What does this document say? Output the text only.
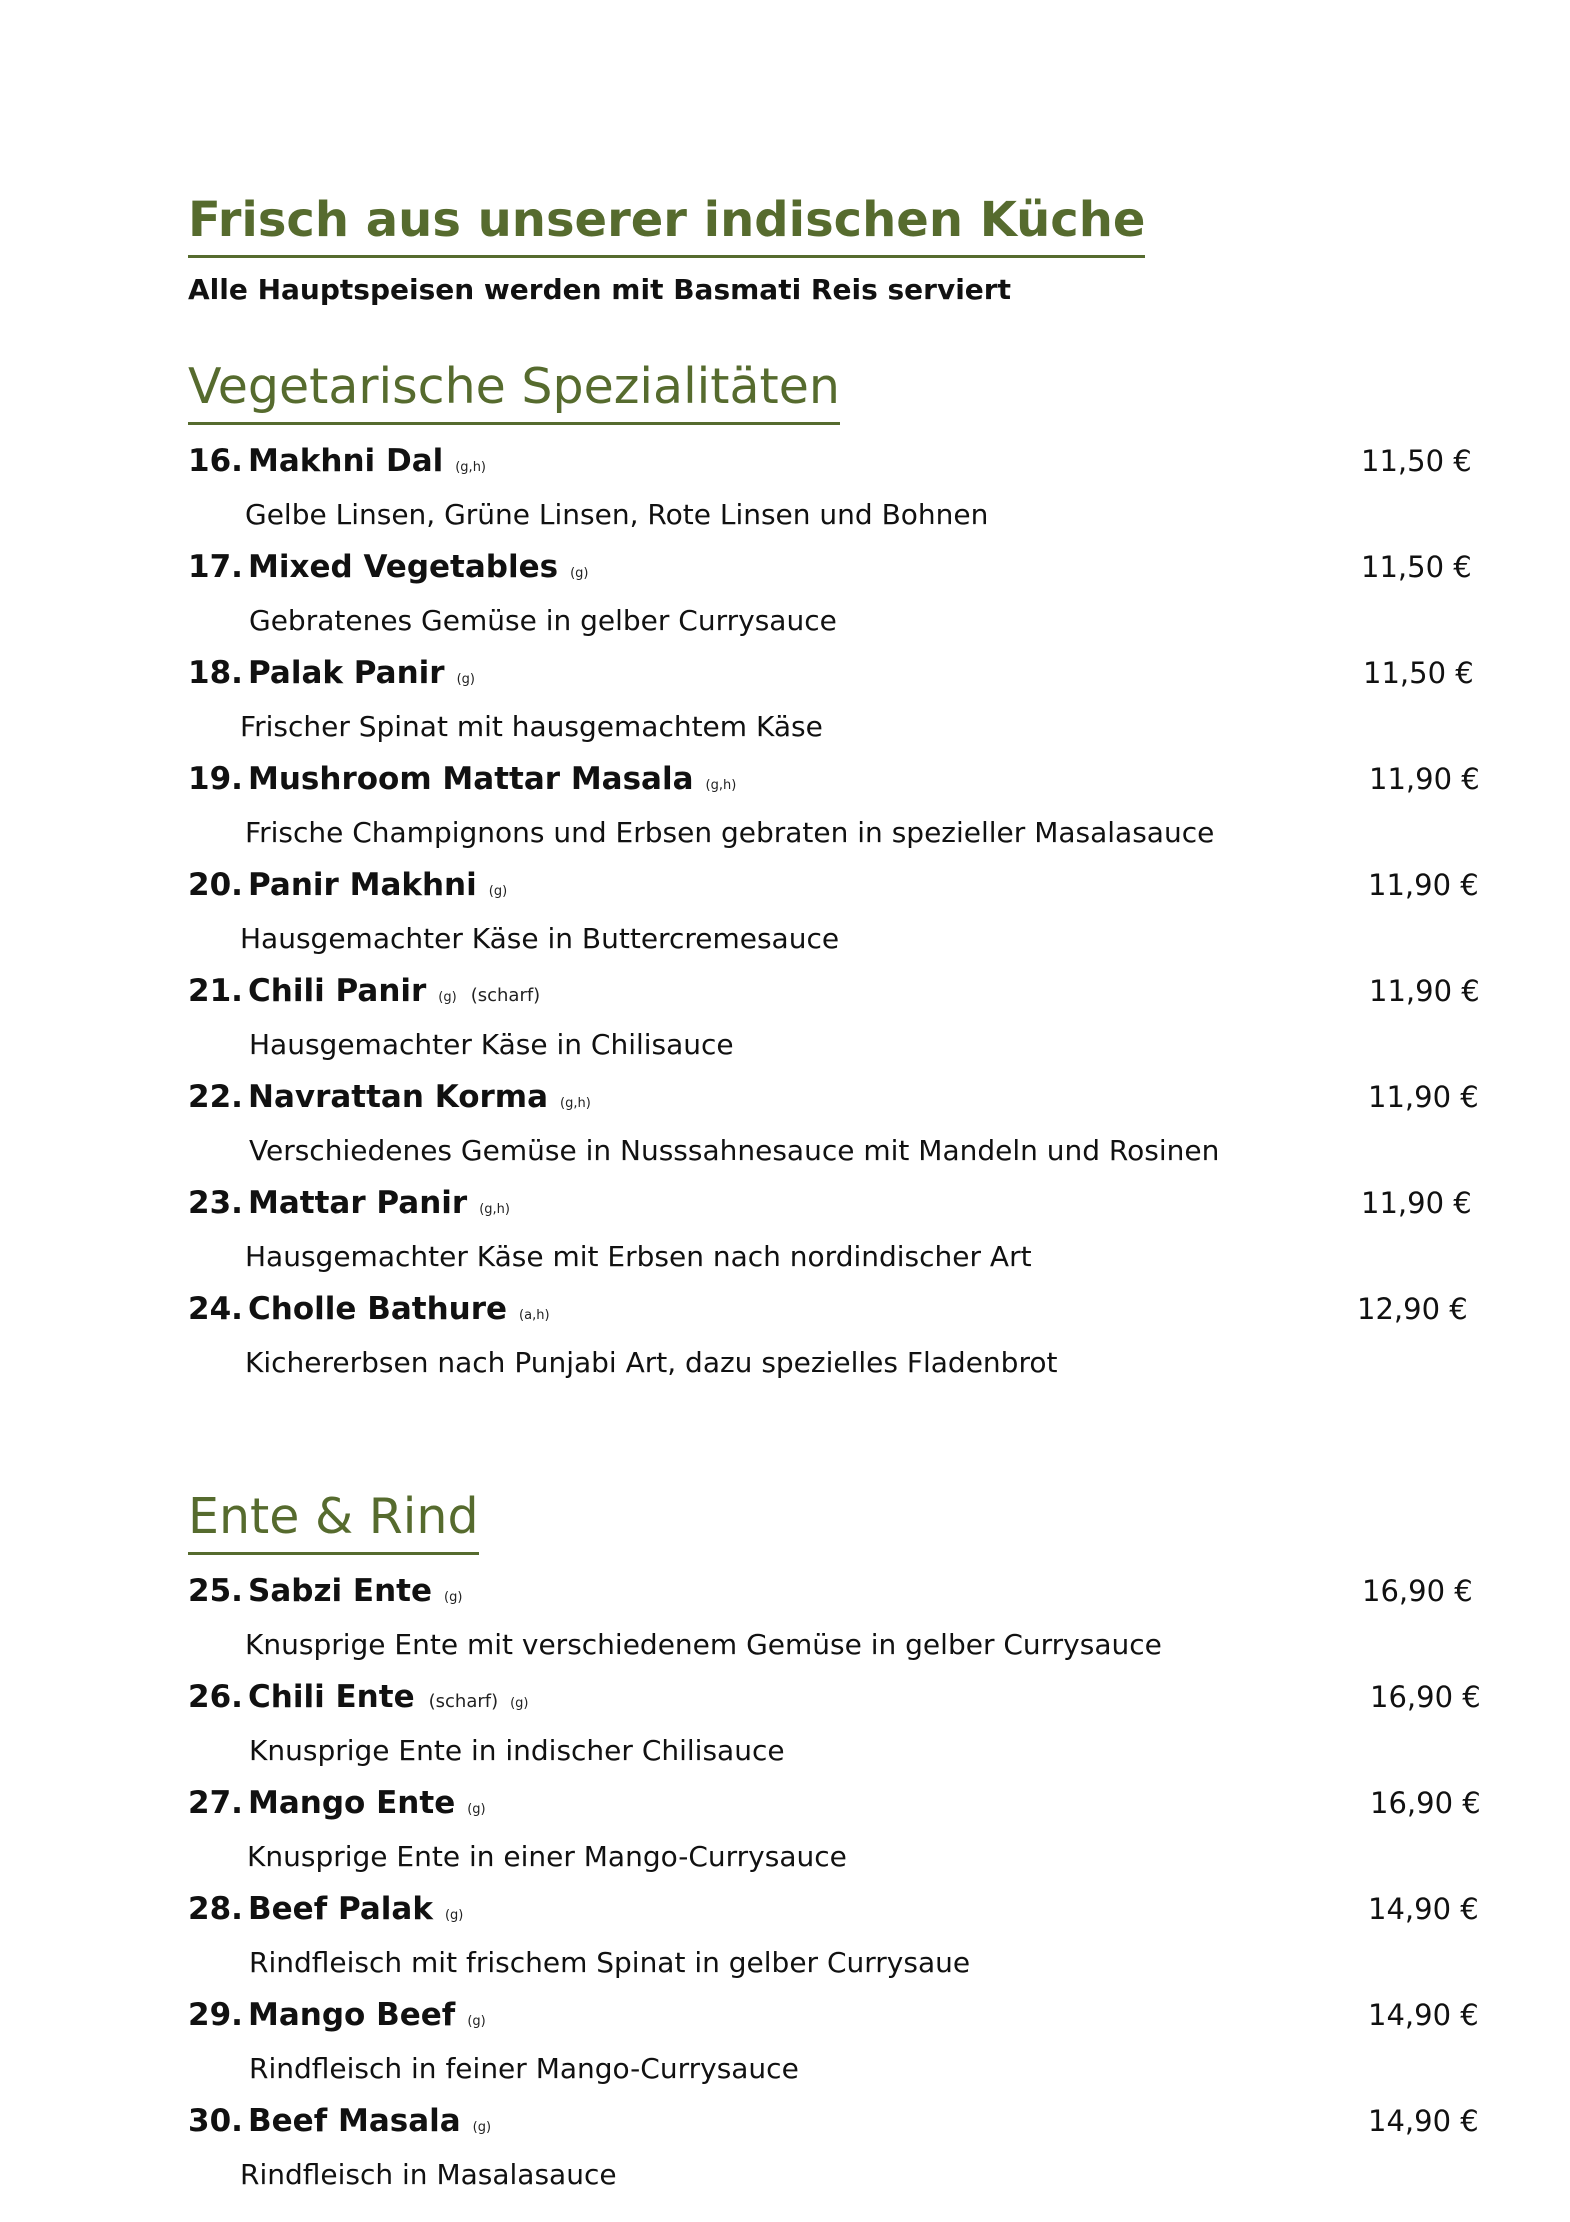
Frisch aus unserer indischen Küche

Alle Hauptspeisen werden mit Basmati Reis serviert

Vegetarische Spezialitäten
16. Makhni Dal (g,h)	11,50 €
Gelbe Linsen, Grüne Linsen, Rote Linsen und Bohnen
17. Mixed Vegetables (g)	11,50 €
Gebratenes Gemüse in gelber Currysauce
18. Palak Panir (g)	11,50 €
Frischer Spinat mit hausgemachtem Käse
19. Mushroom Mattar Masala (g,h)	11,90 €
Frische Champignons und Erbsen gebraten in spezieller Masalasauce
20. Panir Makhni (g)	11,90 €
Hausgemachter Käse in Buttercremesauce
21. Chili Panir (g) (scharf)	11,90 €
Hausgemachter Käse in Chilisauce
22. Navrattan Korma (g,h)	11,90 €
Verschiedenes Gemüse in Nusssahnesauce mit Mandeln und Rosinen
23. Mattar Panir (g,h)	11,90 €
Hausgemachter Käse mit Erbsen nach nordindischer Art
24. Cholle Bathure (a,h)	12,90 €
Kichererbsen nach Punjabi Art, dazu spezielles Fladenbrot
Ente & Rind
25. Sabzi Ente (g)	16,90 €
Knusprige Ente mit verschiedenem Gemüse in gelber Currysauce
26. Chili Ente (scharf) (g)	16,90 €
Knusprige Ente in indischer Chilisauce
27. Mango Ente (g)	16,90 €
Knusprige Ente in einer Mango-Currysauce
28. Beef Palak (g)	14,90 €
Rindfleisch mit frischem Spinat in gelber Currysaue
29. Mango Beef (g)	14,90 €
Rindfleisch in feiner Mango-Currysauce
30. Beef Masala (g)	14,90 €
Rindfleisch in Masalasauce
